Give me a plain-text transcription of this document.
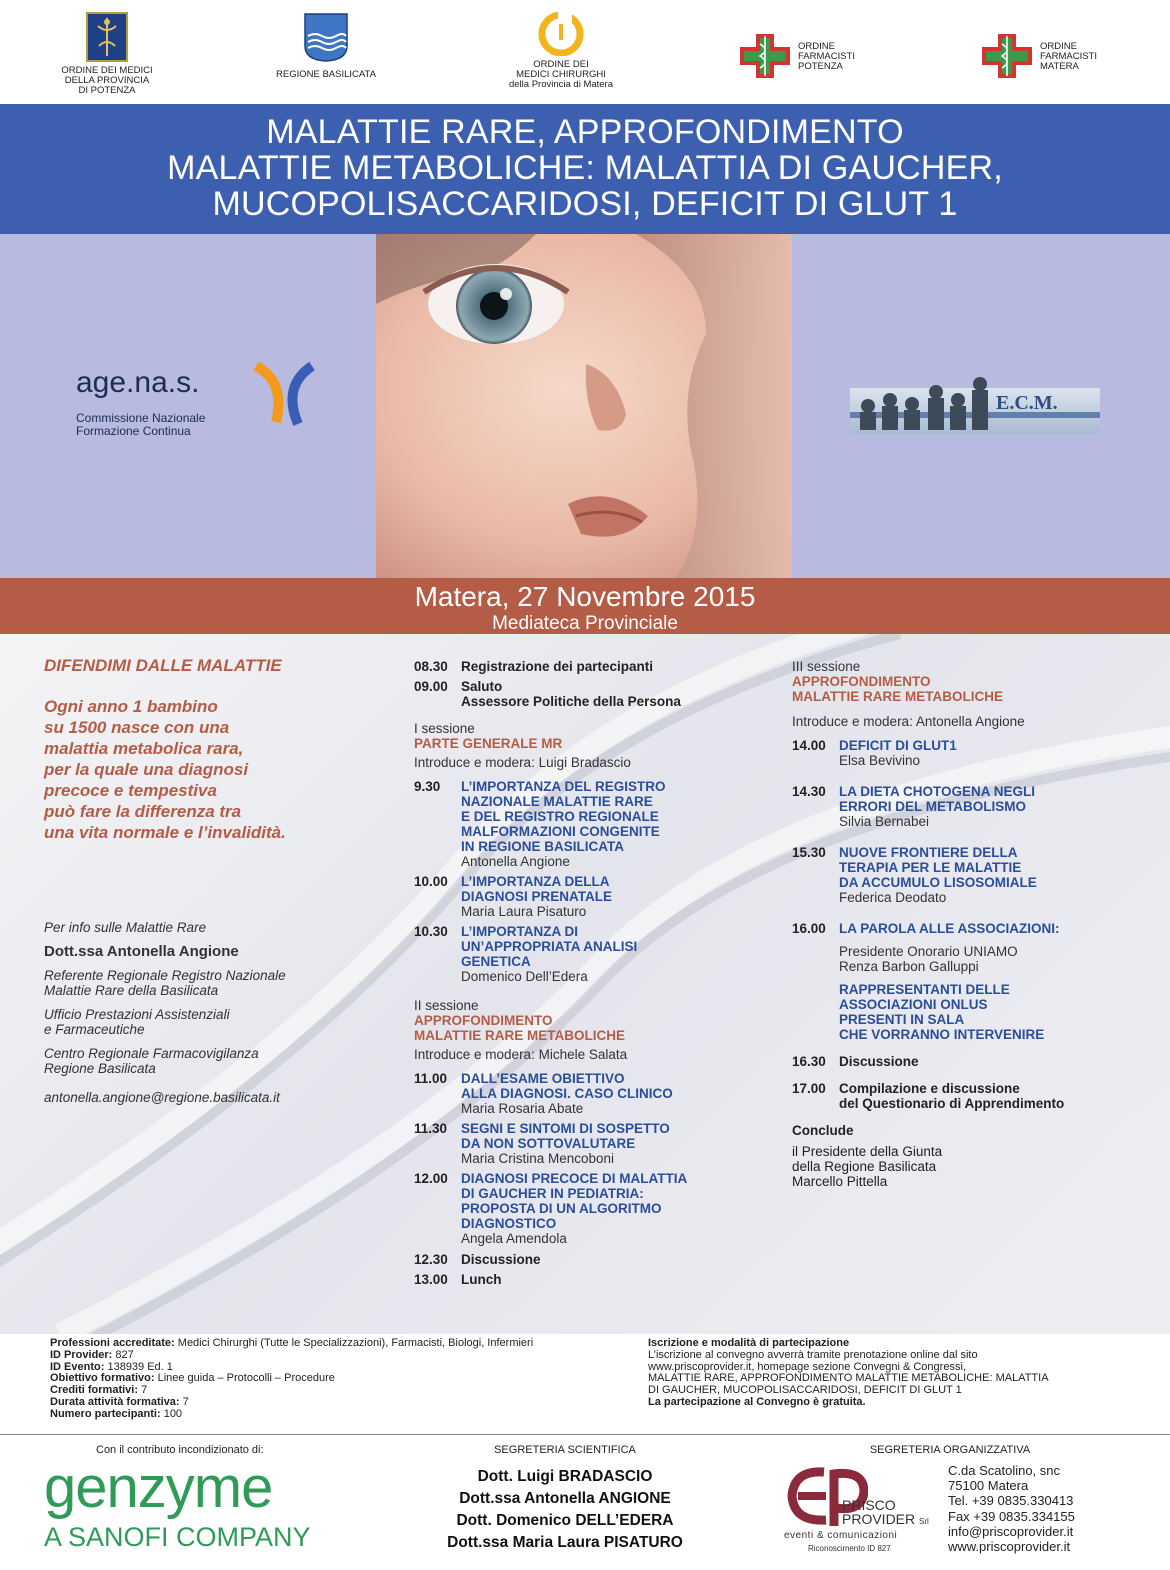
ORDINE DEI MEDICI
DELLA PROVINCIA
DI POTENZA
REGIONE BASILICATA
ORDINE DEI
MEDICI CHIRURGHI
della Provincia di Matera
ORDINE
FARMACISTI
POTENZA
ORDINE
FARMACISTI
MATERA
MALATTIE RARE, APPROFONDIMENTO
MALATTIE METABOLICHE: MALATTIA DI GAUCHER,
MUCOPOLISACCARIDOSI, DEFICIT DI GLUT 1
age.na.s.
Commissione Nazionale
Formazione Continua
E.C.M.
Matera, 27 Novembre 2015
Mediateca Provinciale
DIFENDIMI DALLE MALATTIE
Ogni anno 1 bambino
su 1500 nasce con una
malattia metabolica rara,
per la quale una diagnosi
precoce e tempestiva
può fare la differenza tra
una vita normale e l’invalidità.

Per info sulle Malattie Rare

Dott.ssa Antonella Angione

Referente Regionale Registro Nazionale
Malattie Rare della Basilicata

Ufficio Prestazioni Assistenziali
e Farmaceutiche

Centro Regionale Farmacovigilanza
Regione Basilicata

antonella.angione@regione.basilicata.it

08.30 Registrazione dei partecipanti
09.00 Saluto
Assessore Politiche della Persona
I sessione
PARTE GENERALE MR
Introduce e modera: Luigi Bradascio
9.30	L’IMPORTANZA DEL REGISTRO
NAZIONALE MALATTIE RARE
E DEL REGISTRO REGIONALE
MALFORMAZIONI CONGENITE
IN REGIONE BASILICATA
Antonella Angione
10.00 L’IMPORTANZA DELLA
DIAGNOSI PRENATALE
Maria Laura Pisaturo
10.30 L’IMPORTANZA DI
UN’APPROPRIATA ANALISI
GENETICA
Domenico Dell’Edera
II sessione
APPROFONDIMENTO
MALATTIE RARE METABOLICHE
Introduce e modera: Michele Salata
11.00	DALL’ESAME OBIETTIVO
ALLA DIAGNOSI. CASO CLINICO
Maria Rosaria Abate
11.30	SEGNI E SINTOMI DI SOSPETTO
DA NON SOTTOVALUTARE
Maria Cristina Mencoboni
12.00 DIAGNOSI PRECOCE DI MALATTIA
DI GAUCHER IN PEDIATRIA:
PROPOSTA DI UN ALGORITMO
DIAGNOSTICO
Angela Amendola
12.30 Discussione
13.00 Lunch
III sessione
APPROFONDIMENTO
MALATTIE RARE METABOLICHE
Introduce e modera: Antonella Angione
14.00 DEFICIT DI GLUT1
Elsa Bevivino
14.30 LA DIETA CHOTOGENA NEGLI
ERRORI DEL METABOLISMO
Silvia Bernabei
15.30 NUOVE FRONTIERE DELLA
TERAPIA PER LE MALATTIE
DA ACCUMULO LISOSOMIALE
Federica Deodato
16.00 LA PAROLA ALLE ASSOCIAZIONI:
Presidente Onorario UNIAMO
Renza Barbon Galluppi
RAPPRESENTANTI DELLE
ASSOCIAZIONI ONLUS
PRESENTI IN SALA
CHE VORRANNO INTERVENIRE
16.30 Discussione
17.00 Compilazione e discussione
del Questionario di Apprendimento
Conclude
il Presidente della Giunta
della Regione Basilicata
Marcello Pittella
Professioni accreditate: Medici Chirurghi (Tutte le Specializzazioni), Farmacisti, Biologi, Infermieri
ID Provider: 827
ID Evento: 138939 Ed. 1
Obiettivo formativo: Linee guida – Protocolli – Procedure
Crediti formativi: 7
Durata attività formativa: 7
Numero partecipanti: 100
Iscrizione e modalità di partecipazione
L’iscrizione al convegno avverrà tramite prenotazione online dal sito
www.priscoprovider.it, homepage sezione Convegni & Congressi,
MALATTIE RARE, APPROFONDIMENTO MALATTIE METABOLICHE: MALATTIA
DI GAUCHER, MUCOPOLISACCARIDOSI, DEFICIT DI GLUT 1
La partecipazione al Convegno è gratuita.
Con il contributo incondizionato di:
genzyme
A SANOFI COMPANY
SEGRETERIA SCIENTIFICA
Dott. Luigi BRADASCIO
Dott.ssa Antonella ANGIONE
Dott. Domenico DELL’EDERA
Dott.ssa Maria Laura PISATURO
SEGRETERIA ORGANIZZATIVA
PRISCO
PROVIDER Srl
eventi & comunicazioni
Riconoscimento ID 827
C.da Scatolino, snc
75100 Matera
Tel. +39 0835.330413
Fax +39 0835.334155
info@priscoprovider.it
www.priscoprovider.it
